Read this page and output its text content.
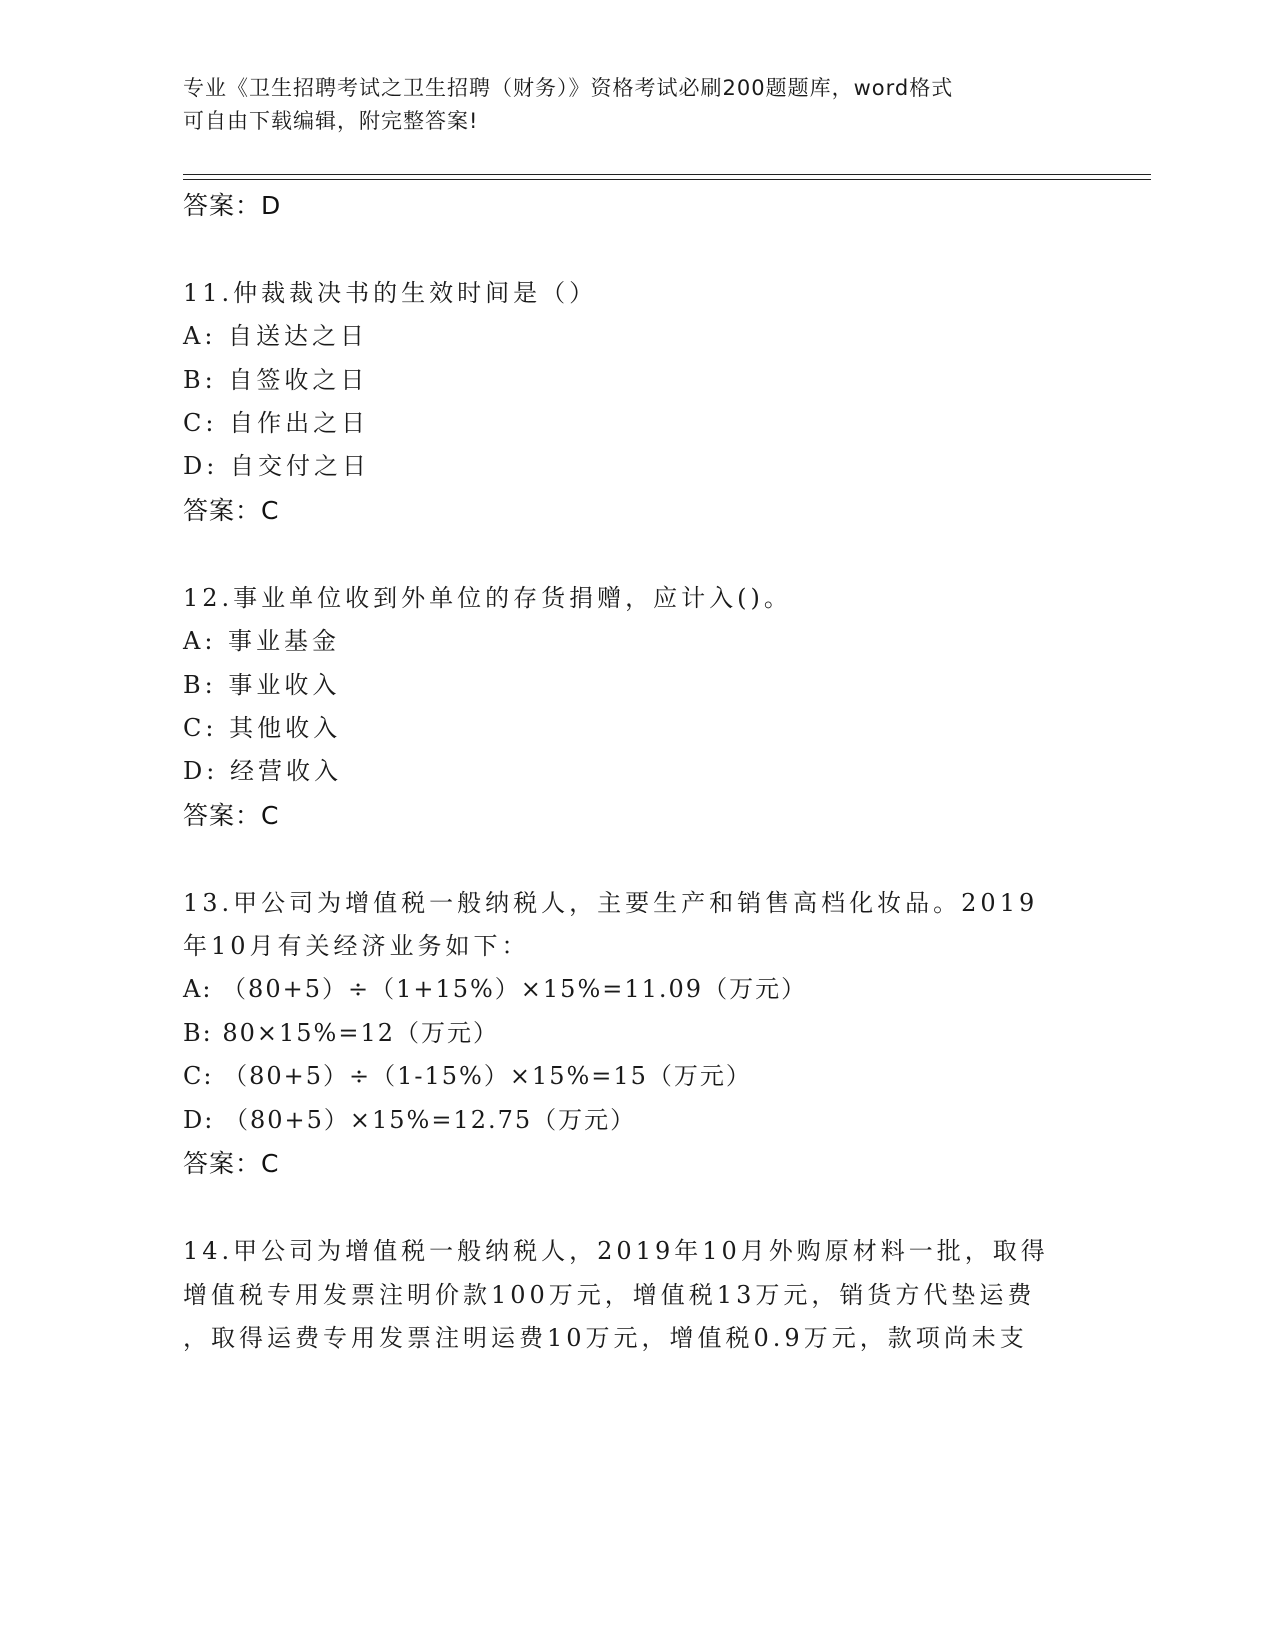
专业《卫生招聘考试之卫生招聘（财务）》资格考试必刷200题题库，word格式
可自由下载编辑，附完整答案!
答案：D
11.仲裁裁决书的生效时间是（）
A: 自送达之日
B: 自签收之日
C: 自作出之日
D: 自交付之日
答案：C
12.事业单位收到外单位的存货捐赠，应计入()。
A: 事业基金
B: 事业收入
C: 其他收入
D: 经营收入
答案：C
13.甲公司为增值税一般纳税人，主要生产和销售高档化妆品。2019
年10月有关经济业务如下：
A: （80+5）÷（1+15%）×15%=11.09（万元）
B: 80×15%=12（万元）
C: （80+5）÷（1-15%）×15%=15（万元）
D: （80+5）×15%=12.75（万元）
答案：C
14.甲公司为增值税一般纳税人，2019年10月外购原材料一批，取得
增值税专用发票注明价款100万元，增值税13万元，销货方代垫运费
，取得运费专用发票注明运费10万元，增值税0.9万元，款项尚未支
